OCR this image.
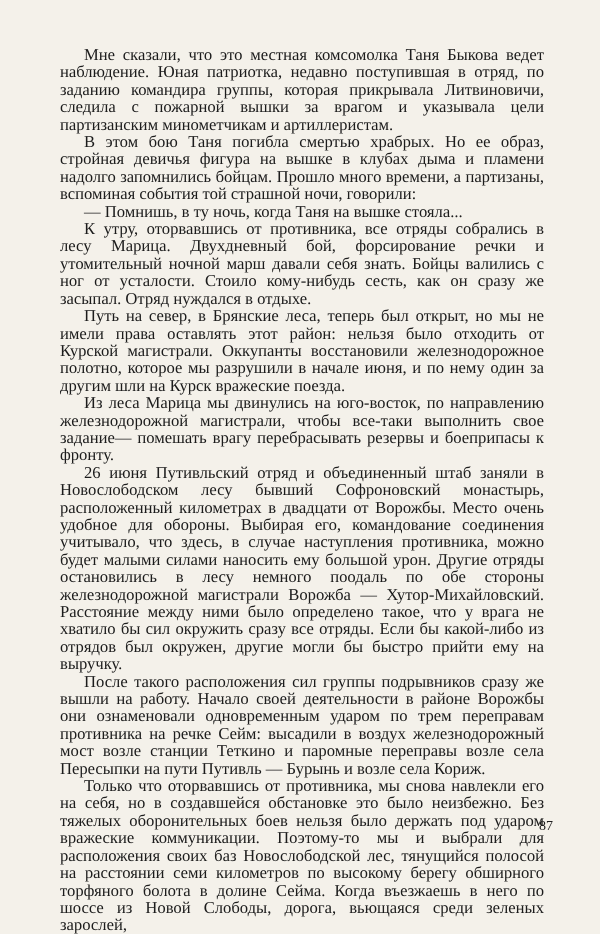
Мне сказали, что это местная комсомолка Таня Быкова ведет наблюдение. Юная патриотка, недавно поступившая в отряд, по заданию командира группы, которая прикрывала Литвиновичи, следила с пожарной вышки за врагом и указывала цели партизанским минометчикам и артиллеристам.

В этом бою Таня погибла смертью храбрых. Но ее образ, стройная девичья фигура на вышке в клубах дыма и пламени надолго запомнились бойцам. Прошло много времени, а партизаны, вспоминая события той страшной ночи, говорили:

— Помнишь, в ту ночь, когда Таня на вышке стояла...

К утру, оторвавшись от противника, все отряды собрались в лесу Марица. Двухдневный бой, форсирование речки и утомительный ночной марш давали себя знать. Бойцы валились с ног от усталости. Стоило кому-нибудь сесть, как он сразу же засыпал. Отряд нуждался в отдыхе.

Путь на север, в Брянские леса, теперь был открыт, но мы не имели права оставлять этот район: нельзя было отходить от Курской магистрали. Оккупанты восстановили железнодорожное полотно, которое мы разрушили в начале июня, и по нему один за другим шли на Курск вражеские поезда.

Из леса Марица мы двинулись на юго-восток, по направлению железнодорожной магистрали, чтобы все-таки выполнить свое задание— помешать врагу перебрасывать резервы и боеприпасы к фронту.

26 июня Путивльский отряд и объединенный штаб заняли в Новослободском лесу бывший Софроновский монастырь, расположенный километрах в двадцати от Ворожбы. Место очень удобное для обороны. Выбирая его, командование соединения учитывало, что здесь, в случае наступления противника, можно будет малыми силами наносить ему большой урон. Другие отряды остановились в лесу немного поодаль по обе стороны железнодорожной магистрали Ворожба — Хутор-Михайловский. Расстояние между ними было определено такое, что у врага не хватило бы сил окружить сразу все отряды. Если бы какой-либо из отрядов был окружен, другие могли бы быстро прийти ему на выручку.

После такого расположения сил группы подрывников сразу же вышли на работу. Начало своей деятельности в районе Ворожбы они ознаменовали одновременным ударом по трем переправам противника на речке Сейм: высадили в воздух железнодорожный мост возле станции Теткино и паромные переправы возле села Пересыпки на пути Путивль — Бурынь и возле села Кориж.

Только что оторвавшись от противника, мы снова навлекли его на себя, но в создавшейся обстановке это было неизбежно. Без тяжелых оборонительных боев нельзя было держать под ударом вражеские коммуникации. Поэтому-то мы и выбрали для расположения своих баз Новослободской лес, тянущийся полосой на расстоянии семи километров по высокому берегу обширного торфяного болота в долине Сейма. Когда въезжаешь в него по шоссе из Новой Слободы, дорога, вьющаяся среди зеленых зарослей,

87
